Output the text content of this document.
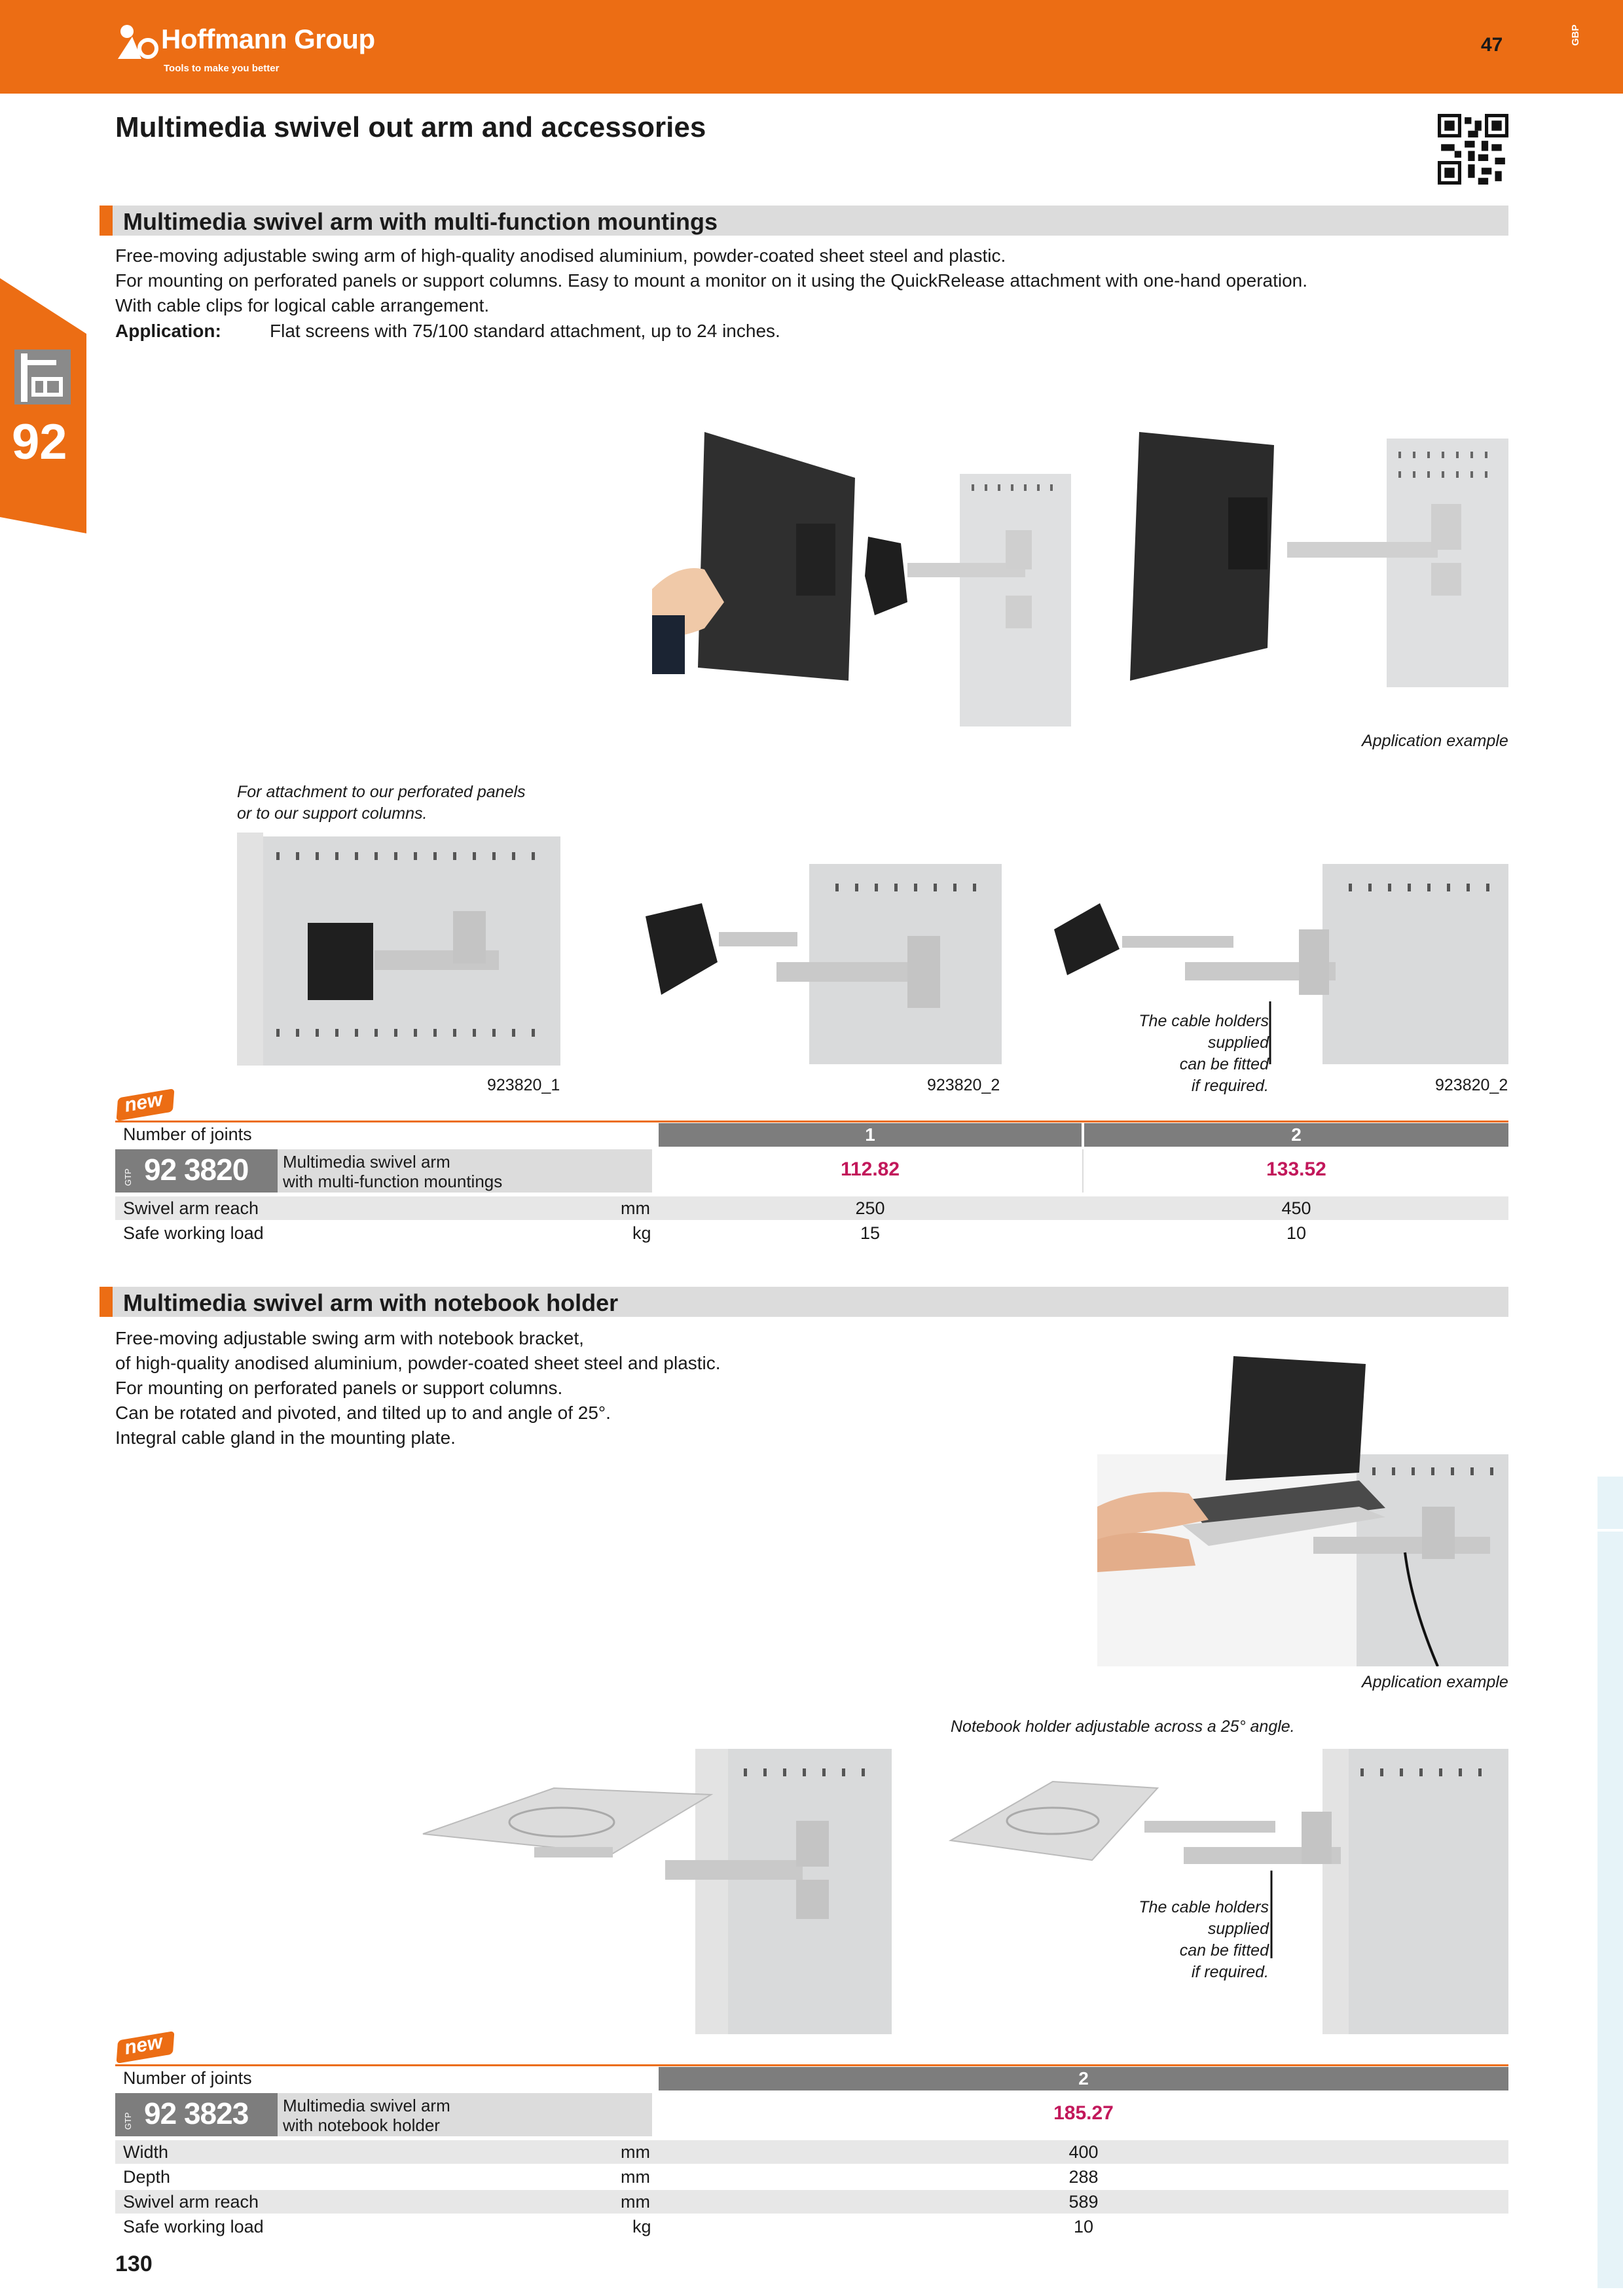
Hoffmann Group
Tools to make you better
47	GBP
92
Multimedia swivel out arm and accessories
Multimedia swivel arm with multi-function mountings
Free-moving adjustable swing arm of high-quality anodised aluminium, powder-coated sheet steel and plastic.
For mounting on perforated panels or support columns. Easy to mount a monitor on it using the QuickRelease attachment with one-hand operation.
With cable clips for logical cable arrangement.
Application:	Flat screens with 75/100 standard attachment, up to 24 inches.
Application example
For attachment to our perforated panels
or to our support columns.
The cable holders supplied
can be fitted
if required.
923820_1	923820_2	923820_2
new
Number of joints	1	2
GTP 92 3820 Multimedia swivel arm
with multi-function mountings
112.82	133.52
Swivel arm reach	mm	250	450
Safe working load	kg	15	10
Multimedia swivel arm with notebook holder
Free-moving adjustable swing arm with notebook bracket,
of high-quality anodised aluminium, powder-coated sheet steel and plastic.
For mounting on perforated panels or support columns.
Can be rotated and pivoted, and tilted up to and angle of 25°.
Integral cable gland in the mounting plate.
Application example
Notebook holder adjustable across a 25° angle.
The cable holders supplied
can be fitted
if required.
new
Number of joints	2
GTP 92 3823 Multimedia swivel arm
with notebook holder
185.27
Width	mm	400
Depth	mm	288
Swivel arm reach	mm	589
Safe working load	kg	10
130
